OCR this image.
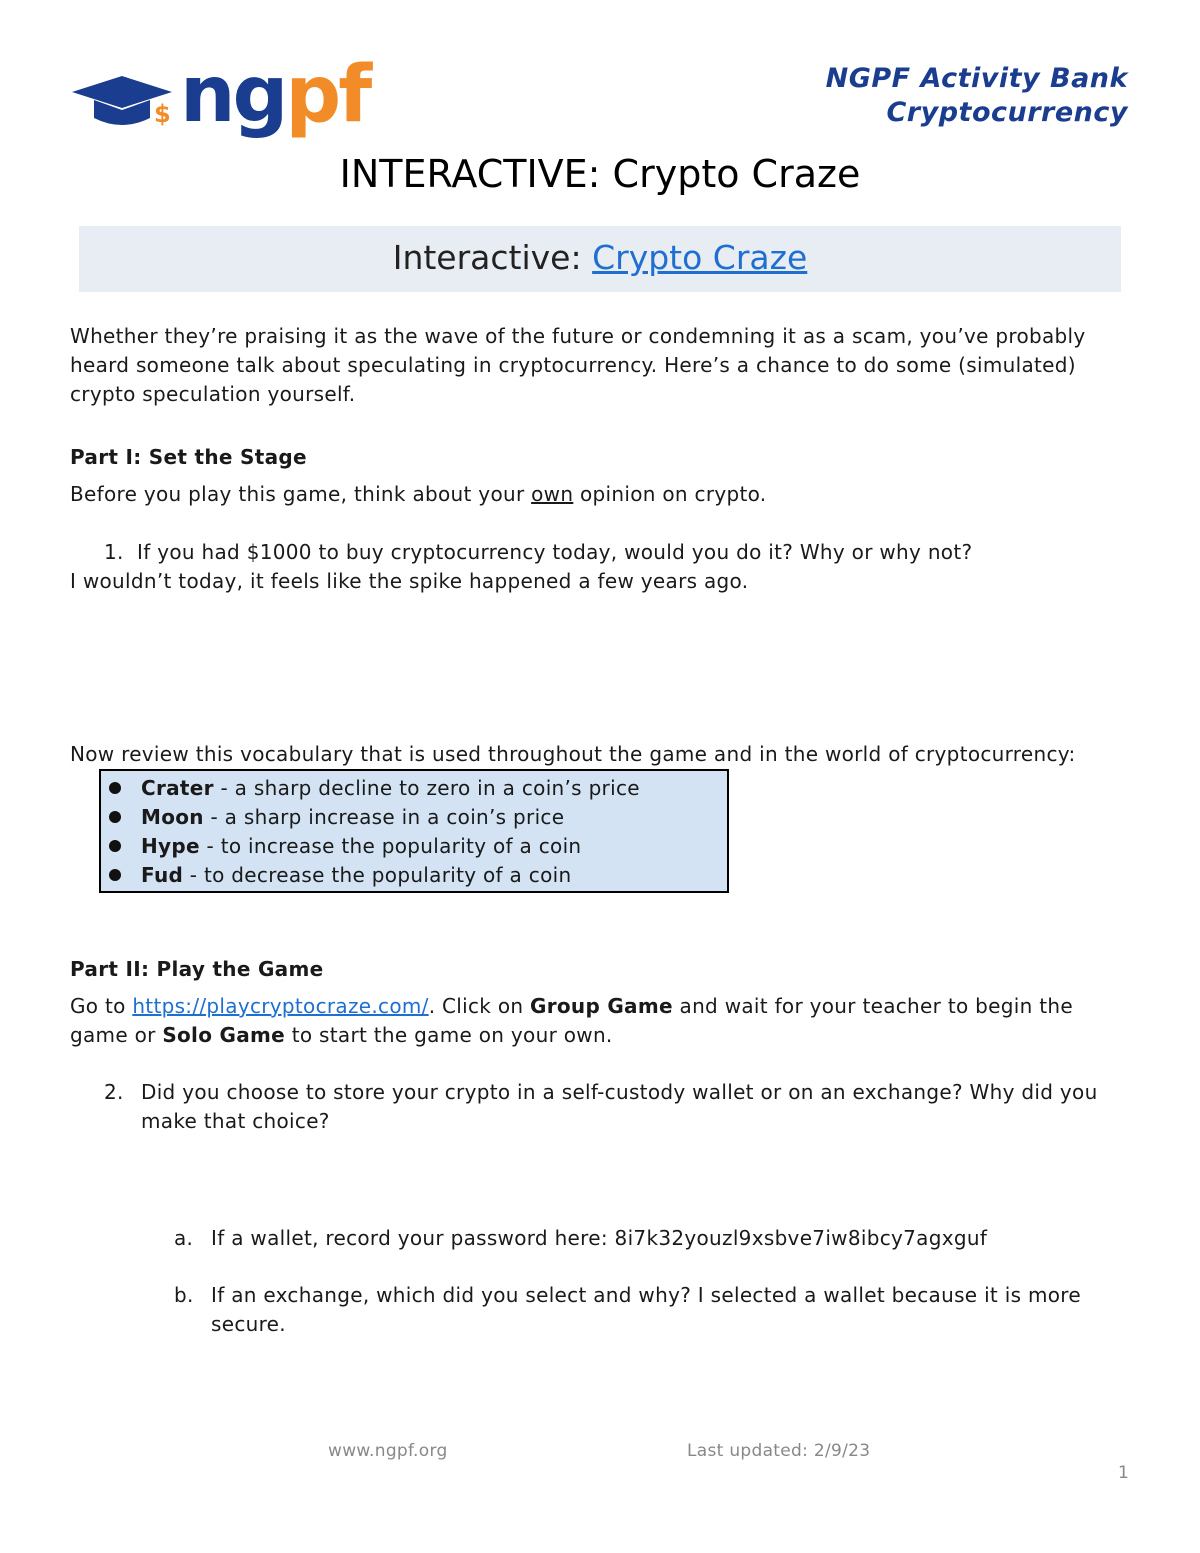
$ ngpf	NGPF Activity Bank
Cryptocurrency
INTERACTIVE: Crypto Craze
Interactive: Crypto Craze
Whether they’re praising it as the wave of the future or condemning it as a scam, you’ve probably heard someone talk about speculating in cryptocurrency. Here’s a chance to do some (simulated) crypto speculation yourself.
Part I: Set the Stage
Before you play this game, think about your own opinion on crypto.
1. If you had $1000 to buy cryptocurrency today, would you do it? Why or why not?
I wouldn’t today, it feels like the spike happened a few years ago.
Now review this vocabulary that is used throughout the game and in the world of cryptocurrency:
Crater - a sharp decline to zero in a coin’s price
Moon - a sharp increase in a coin’s price
Hype - to increase the popularity of a coin
Fud - to decrease the popularity of a coin
Part II: Play the Game
Go to https://playcryptocraze.com/. Click on Group Game and wait for your teacher to begin the game or Solo Game to start the game on your own.
2. Did you choose to store your crypto in a self-custody wallet or on an exchange? Why did you make that choice?
a. If a wallet, record your password here: 8i7k32youzl9xsbve7iw8ibcy7agxguf
b. If an exchange, which did you select and why? I selected a wallet because it is more secure.
www.ngpf.org	Last updated: 2/9/23
1
